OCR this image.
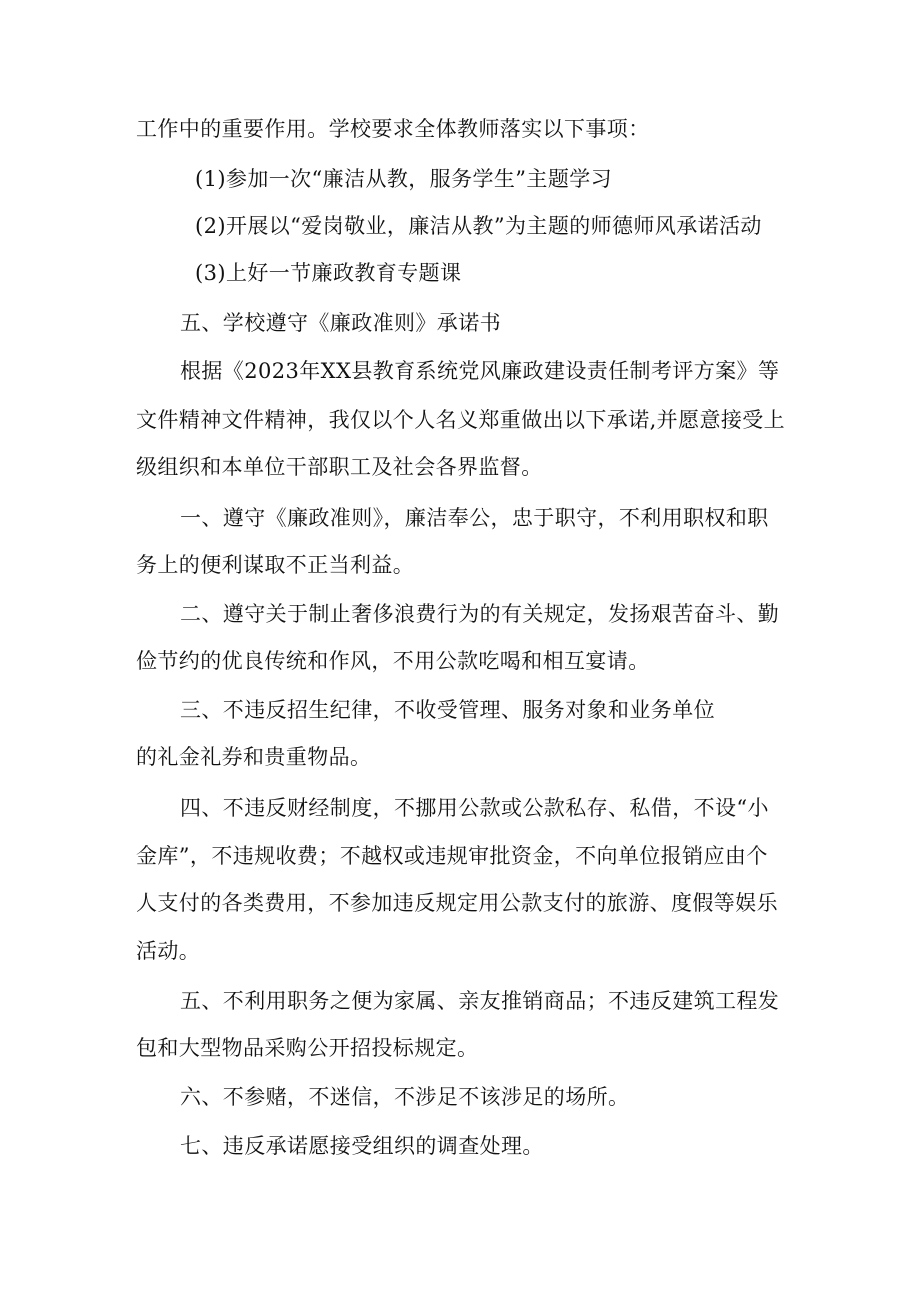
工作中的重要作用。学校要求全体教师落实以下事项：
(1)参加一次“廉洁从教，服务学生”主题学习
(2)开展以“爱岗敬业，廉洁从教”为主题的师德师风承诺活动
(3)上好一节廉政教育专题课
五、学校遵守《廉政准则》承诺书
根据《2023年XX县教育系统党风廉政建设责任制考评方案》等
文件精神文件精神，我仅以个人名义郑重做出以下承诺,并愿意接受上
级组织和本单位干部职工及社会各界监督。
一、遵守《廉政准则》，廉洁奉公，忠于职守，不利用职权和职
务上的便利谋取不正当利益。
二、遵守关于制止奢侈浪费行为的有关规定，发扬艰苦奋斗、勤
俭节约的优良传统和作风，不用公款吃喝和相互宴请。
三、不违反招生纪律，不收受管理、服务对象和业务单位
的礼金礼券和贵重物品。
四、不违反财经制度，不挪用公款或公款私存、私借，不设“小
金库”，不违规收费；不越权或违规审批资金，不向单位报销应由个
人支付的各类费用，不参加违反规定用公款支付的旅游、度假等娱乐
活动。
五、不利用职务之便为家属、亲友推销商品；不违反建筑工程发
包和大型物品采购公开招投标规定。
六、不参赌，不迷信，不涉足不该涉足的场所。
七、违反承诺愿接受组织的调查处理。
